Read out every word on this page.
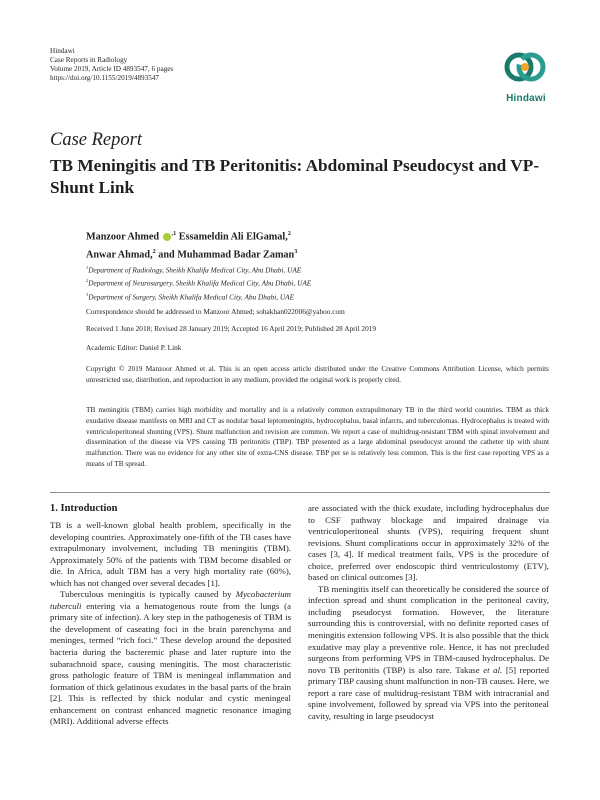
Hindawi
Case Reports in Radiology
Volume 2019, Article ID 4893547, 6 pages
https://doi.org/10.1155/2019/4893547
Hindawi
Case Report
TB Meningitis and TB Peritonitis: Abdominal Pseudocyst and VP-Shunt Link
Manzoor Ahmed $^{,1}$ Essameldin Ali ElGamal,$^2$
Anwar Ahmad,$^2$ and Muhammad Badar Zaman$^3$
$^1$Department of Radiology, Sheikh Khalifa Medical City, Abu Dhabi, UAE
$^2$Department of Neurosurgery, Sheikh Khalifa Medical City, Abu Dhabi, UAE
$^3$Department of Surgery, Sheikh Khalifa Medical City, Abu Dhabi, UAE
Correspondence should be addressed to Manzoor Ahmed; sohakhan022006@yahoo.com
Received 1 June 2018; Revised 28 January 2019; Accepted 16 April 2019; Published 28 April 2019
Academic Editor: Daniel P. Link
Copyright © 2019 Manzoor Ahmed et al. This is an open access article distributed under the Creative Commons Attribution License, which permits unrestricted use, distribution, and reproduction in any medium, provided the original work is properly cited.
TB meningitis (TBM) carries high morbidity and mortality and is a relatively common extrapulmonary TB in the third world countries. TBM as thick exudative disease manifests on MRI and CT as nodular basal leptomeningitis, hydrocephalus, basal infarcts, and tuberculomas. Hydrocephalus is treated with ventriculoperitoneal shunting (VPS). Shunt malfunction and revision are common. We report a case of multidrug-resistant TBM with spinal involvement and dissemination of the disease via VPS causing TB peritonitis (TBP). TBP presented as a large abdominal pseudocyst around the catheter tip with shunt malfunction. There was no evidence for any other site of extra-CNS disease. TBP per se is relatively less common. This is the first case reporting VPS as a means of TB spread.
1. Introduction

TB is a well-known global health problem, specifically in the developing countries. Approximately one-fifth of the TB cases have extrapulmonary involvement, including TB meningitis (TBM). Approximately 50% of the patients with TBM become disabled or die. In Africa, adult TBM has a very high mortality rate (60%), which has not changed over several decades [1].

Tuberculous meningitis is typically caused by Mycobacterium tuberculi entering via a hematogenous route from the lungs (a primary site of infection). A key step in the pathogenesis of TBM is the development of caseating foci in the brain parenchyma and meninges, termed “rich foci.” These develop around the deposited bacteria during the bacteremic phase and later rupture into the subarachnoid space, causing meningitis. The most characteristic gross pathologic feature of TBM is meningeal inflammation and formation of thick gelatinous exudates in the basal parts of the brain [2]. This is reflected by thick nodular and cystic meningeal enhancement on contrast enhanced magnetic resonance imaging (MRI). Additional adverse effects

are associated with the thick exudate, including hydrocephalus due to CSF pathway blockage and impaired drainage via ventriculoperitoneal shunts (VPS), requiring frequent shunt revisions. Shunt complications occur in approximately 32% of the cases [3, 4]. If medical treatment fails, VPS is the procedure of choice, preferred over endoscopic third ventriculostomy (ETV), based on clinical outcomes [3].

TB meningitis itself can theoretically be considered the source of infection spread and shunt complication in the peritoneal cavity, including pseudocyst formation. However, the literature surrounding this is controversial, with no definite reported cases of meningitis extension following VPS. It is also possible that the thick exudative may play a preventive role. Hence, it has not precluded surgeons from performing VPS in TBM-caused hydrocephalus. De novo TB peritonitis (TBP) is also rare. Takase et al. [5] reported primary TBP causing shunt malfunction in non-TB causes. Here, we report a rare case of multidrug-resistant TBM with intracranial and spine involvement, followed by spread via VPS into the peritoneal cavity, resulting in large pseudocyst
